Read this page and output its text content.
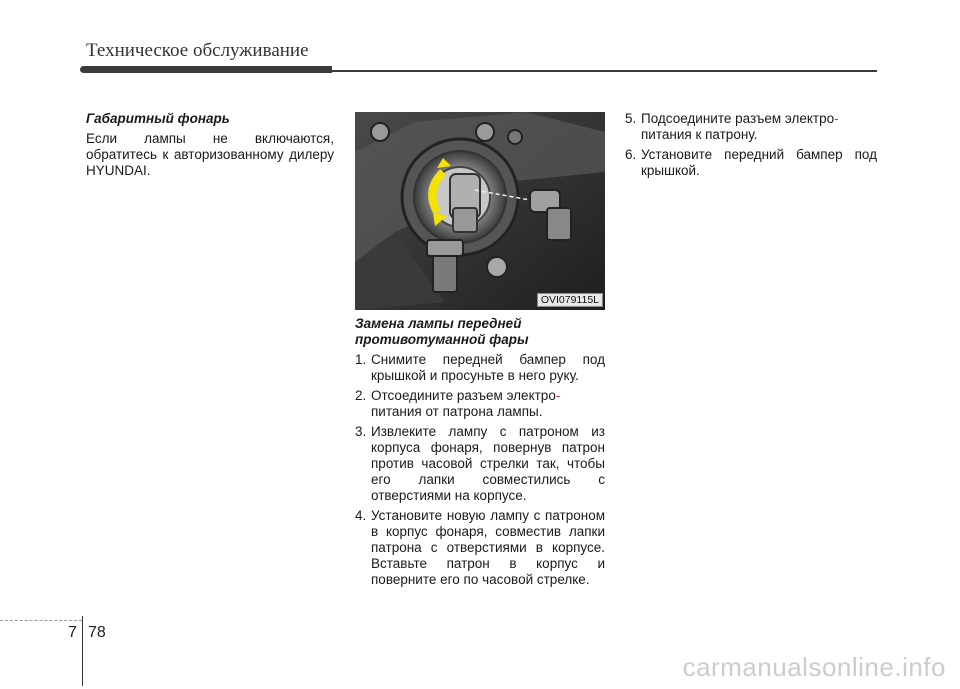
Техническое обслуживание

Габаритный фонарь

Если лампы не включаются, обратитесь к авторизованному дилеру HYUNDAI.

OVI079115L

Замена лампы передней противотуманной фары

1. Снимите передней бампер под крышкой и просуньте в него руку.
2. Отсоедините разъем электро-
питания от патрона лампы.
3. Извлеките лампу с патроном из корпуса фонаря, повернув патрон против часовой стрелки так, чтобы его лапки совместились с отверстиями на корпусе.
4. Установите новую лампу с патроном в корпус фонаря, совместив лапки патрона с отверстиями в корпусе. Вставьте патрон в корпус и поверните его по часовой стрелке.
5. Подсоедините разъем электро-
питания к патрону.
6. Установите передний бампер под крышкой.
7 78
carmanualsonline.info
